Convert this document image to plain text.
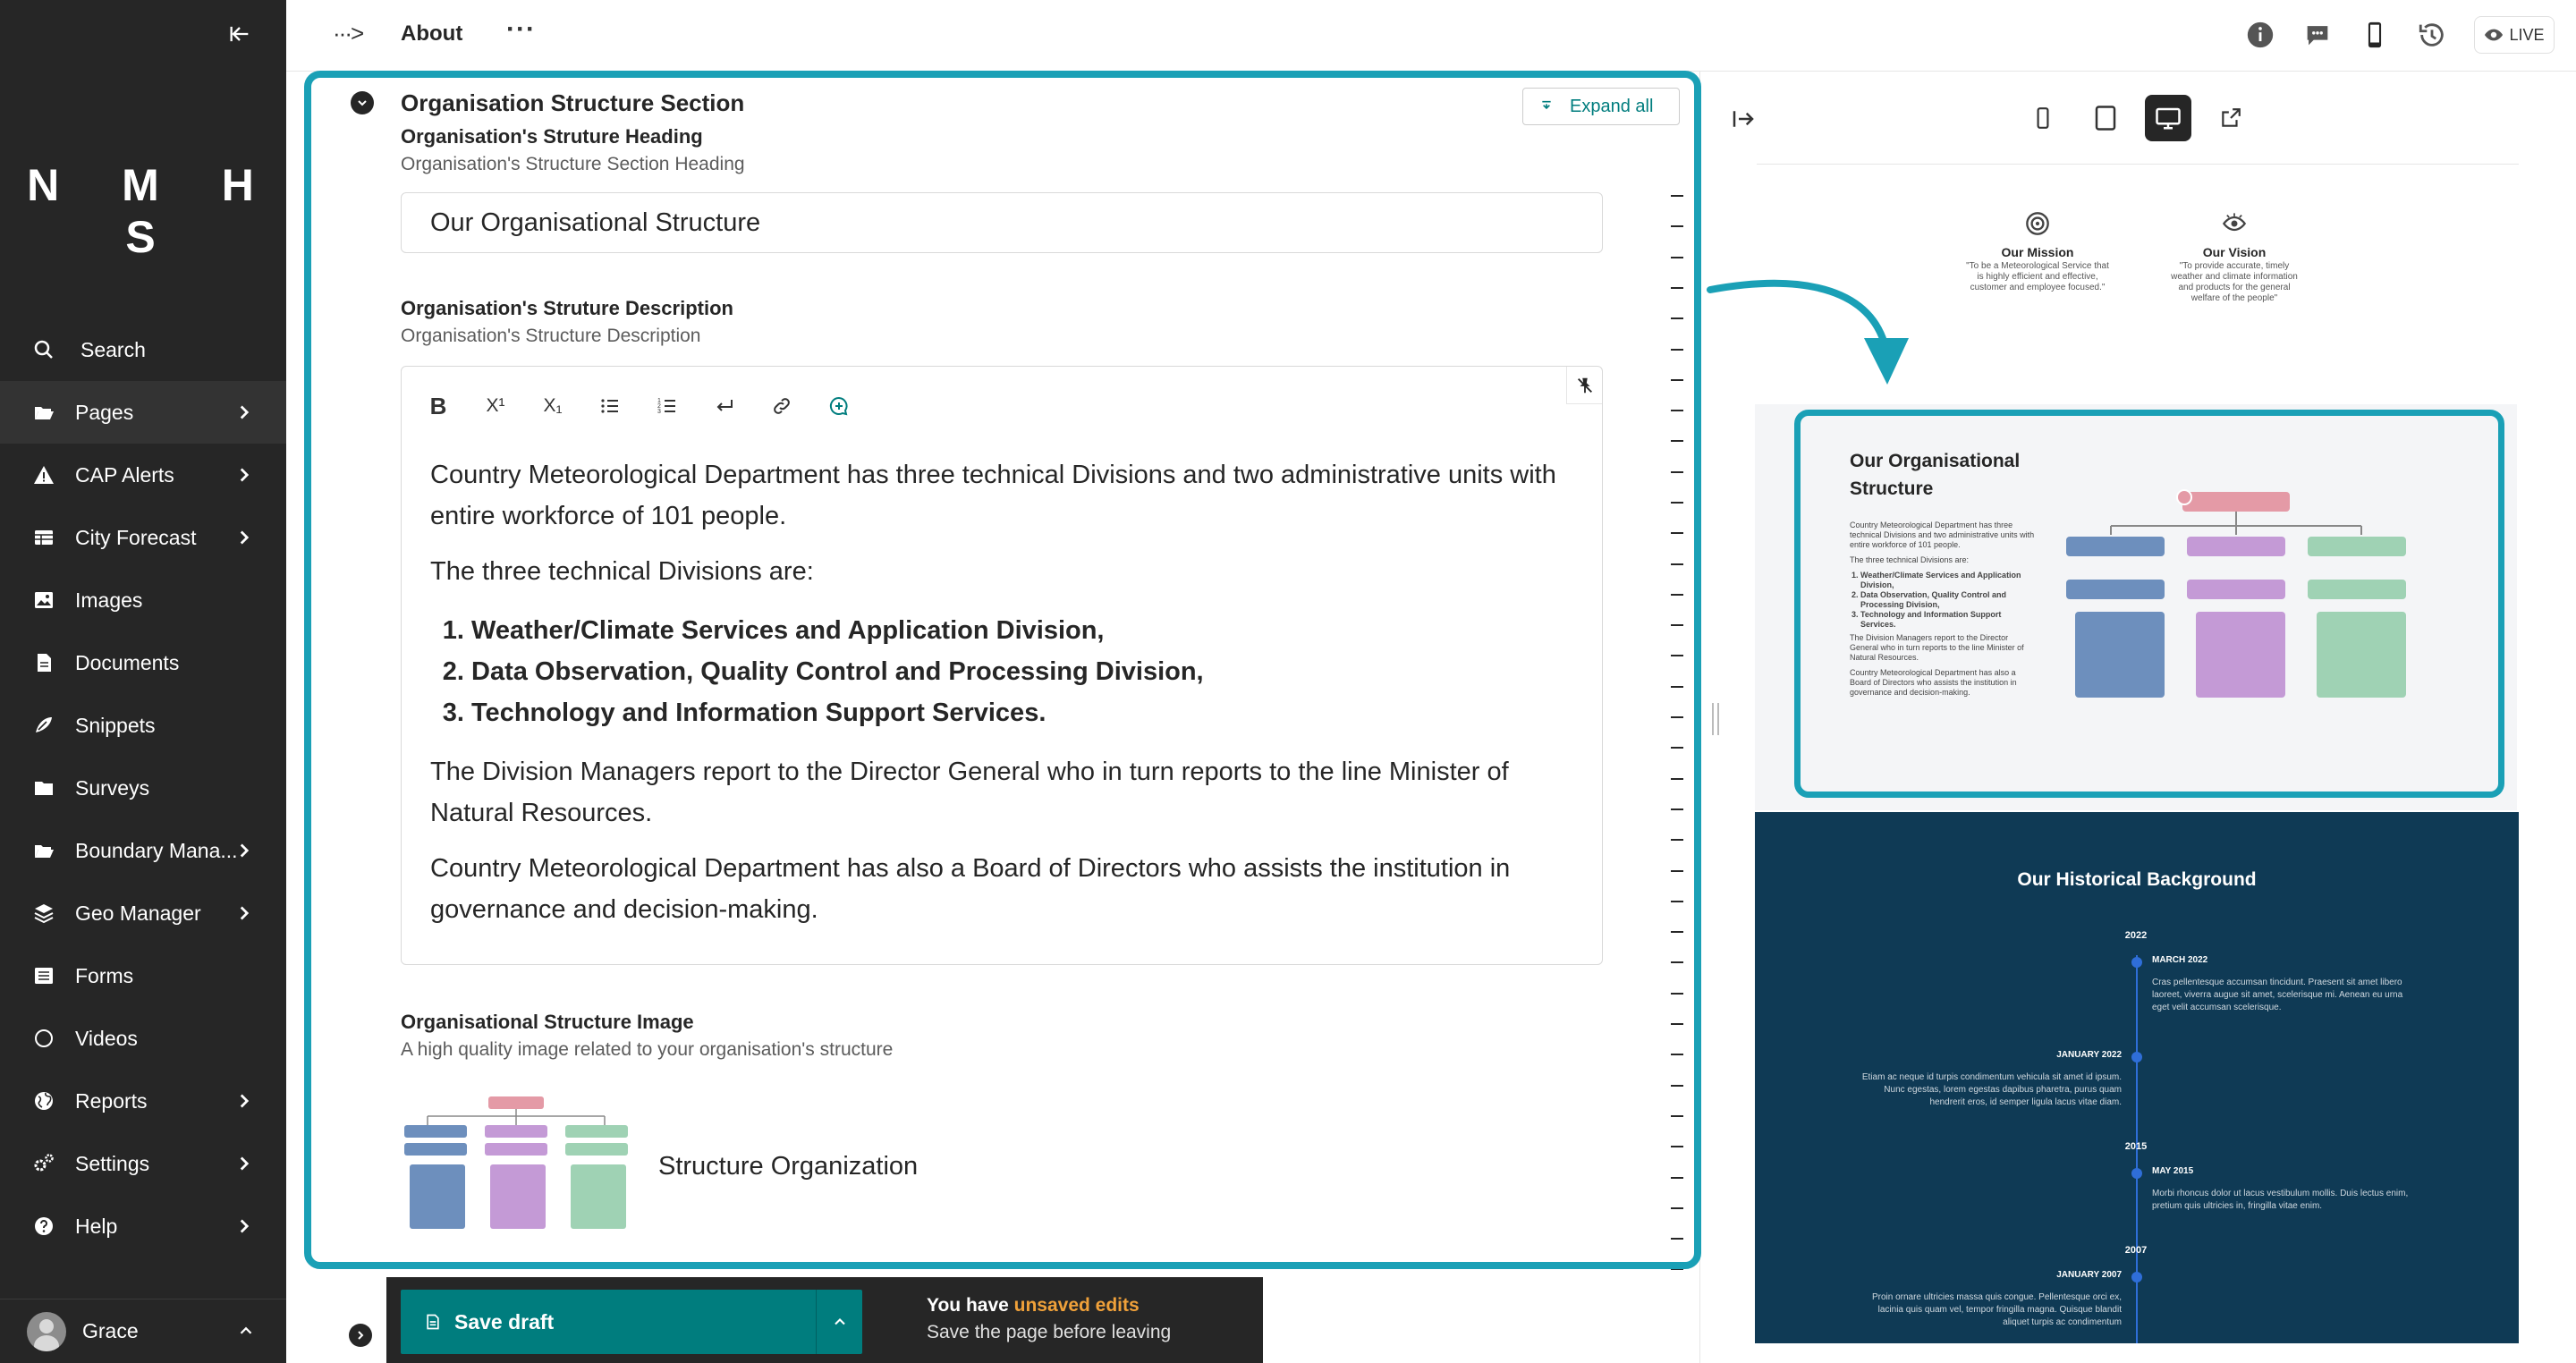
N M H S
Search
Pages
CAP Alerts
City Forecast
Images
Documents
Snippets
Surveys
Boundary Mana...
Geo Manager
Forms
Videos
Reports
Settings
Help
Grace
···> About ···	LIVE
Organisation Structure Section	Expand all
Organisation's Struture Heading
Organisation's Structure Section Heading
Our Organisational Structure
Organisation's Struture Description
Organisation's Structure Description
B X¹ X₁	1
2
3

Country Meteorological Department has three technical Divisions and two administrative units with entire workforce of 101 people.

The three technical Divisions are:

1. Weather/Climate Services and Application Division,
2. Data Observation, Quality Control and Processing Division,
3. Technology and Information Support Services.

The Division Managers report to the Director General who in turn reports to the line Minister of Natural Resources.

Country Meteorological Department has also a Board of Directors who assists the institution in governance and decision-making.

Organisational Structure Image
A high quality image related to your organisation's structure
Structure Organization
Save draft
You have unsaved edits
Save the page before leaving
Our Mission
"To be a Meteorological Service that is highly efficient and effective, customer and employee focused."
Our Vision
"To provide accurate, timely weather and climate information and products for the general welfare of the people"
Our Organisational Structure

Country Meteorological Department has three technical Divisions and two administrative units with entire workforce of 101 people.

The three technical Divisions are:

1. Weather/Climate Services and Application Division,
2. Data Observation, Quality Control and Processing Division,
3. Technology and Information Support Services.

The Division Managers report to the Director General who in turn reports to the line Minister of Natural Resources.

Country Meteorological Department has also a Board of Directors who assists the institution in governance and decision-making.

Our Historical Background
2022
MARCH 2022
Cras pellentesque accumsan tincidunt. Praesent sit amet libero laoreet, viverra augue sit amet, scelerisque mi. Aenean eu urna eget velit accumsan scelerisque.
JANUARY 2022
Etiam ac neque id turpis condimentum vehicula sit amet id ipsum. Nunc egestas, lorem egestas dapibus pharetra, purus quam hendrerit eros, id semper ligula lacus vitae diam.
2015
MAY 2015
Morbi rhoncus dolor ut lacus vestibulum mollis. Duis lectus enim, pretium quis ultricies in, fringilla vitae enim.
2007
JANUARY 2007
Proin ornare ultricies massa quis congue. Pellentesque orci ex, lacinia quis quam vel, tempor fringilla magna. Quisque blandit aliquet turpis ac condimentum
